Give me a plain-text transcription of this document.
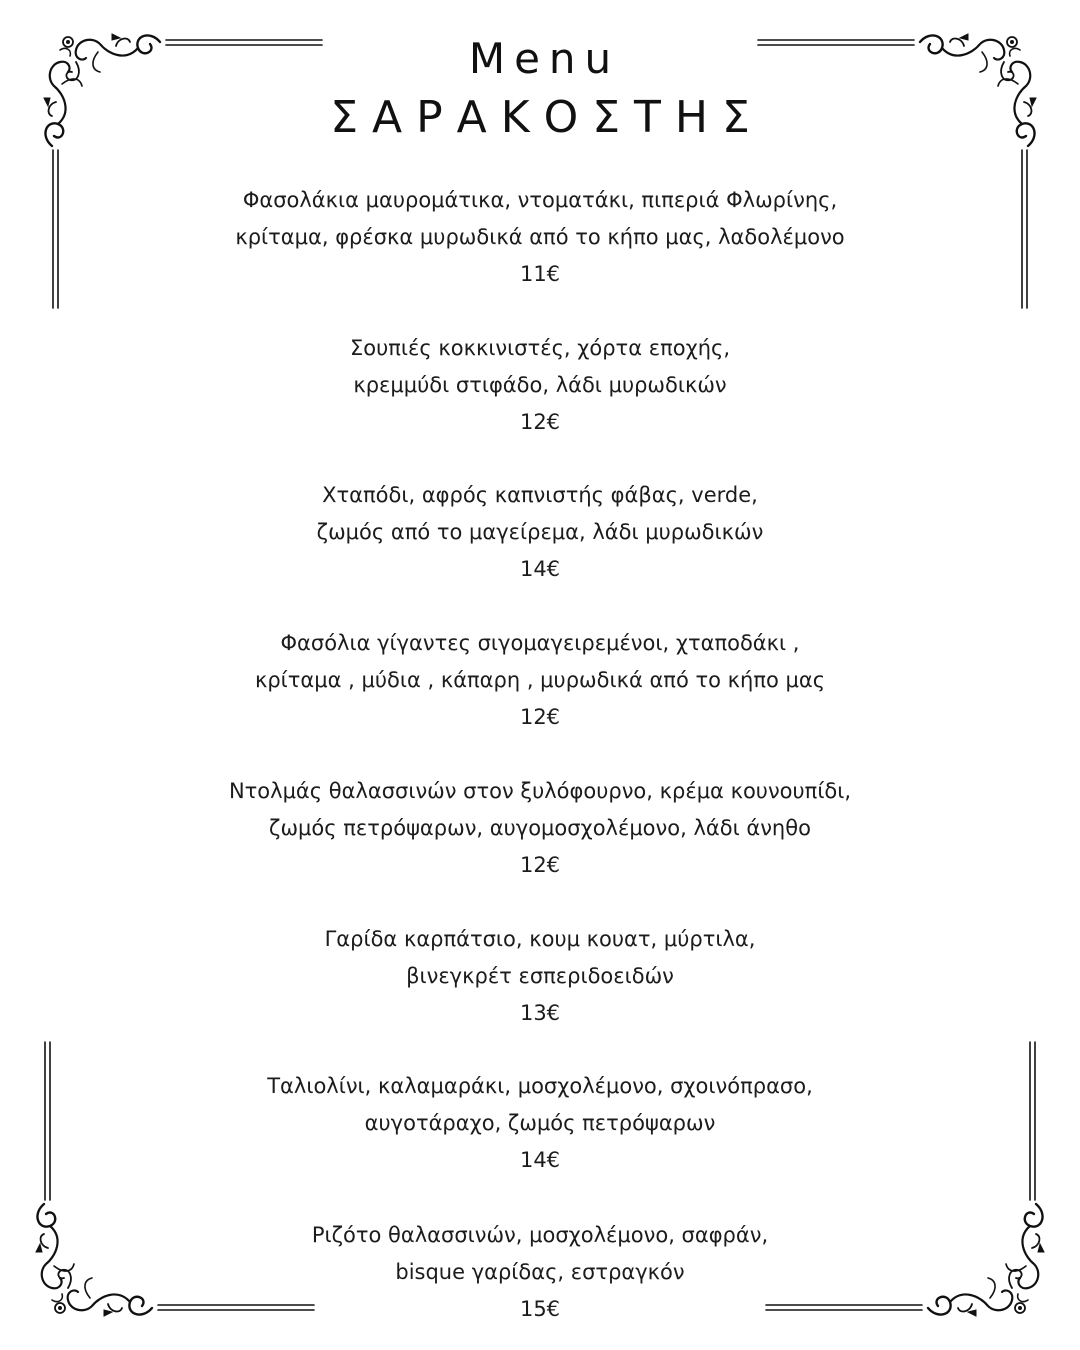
Menu
ΣΑΡΑΚΟΣΤΗΣ
Φασολάκια μαυρομάτικα, ντοματάκι, πιπεριά Φλωρίνης,
κρίταμα, φρέσκα μυρωδικά από το κήπο μας, λαδολέμονο
11€
Σουπιές κοκκινιστές, χόρτα εποχής,
κρεμμύδι στιφάδο, λάδι μυρωδικών
12€
Χταπόδι, αφρός καπνιστής φάβας, verde,
ζωμός από το μαγείρεμα, λάδι μυρωδικών
14€
Φασόλια γίγαντες σιγομαγειρεμένοι, χταποδάκι ,
κρίταμα , μύδια , κάπαρη , μυρωδικά από το κήπο μας
12€
Ντολμάς θαλασσινών στον ξυλόφουρνο, κρέμα κουνουπίδι,
ζωμός πετρόψαρων, αυγομοσχολέμονο, λάδι άνηθο
12€
Γαρίδα καρπάτσιο, κουμ κουατ, μύρτιλα,
βινεγκρέτ εσπεριδοειδών
13€
Ταλιολίνι, καλαμαράκι, μοσχολέμονο, σχοινόπρασο,
αυγοτάραχο, ζωμός πετρόψαρων
14€
Ριζότο θαλασσινών, μοσχολέμονο, σαφράν,
bisque γαρίδας, εστραγκόν
15€
